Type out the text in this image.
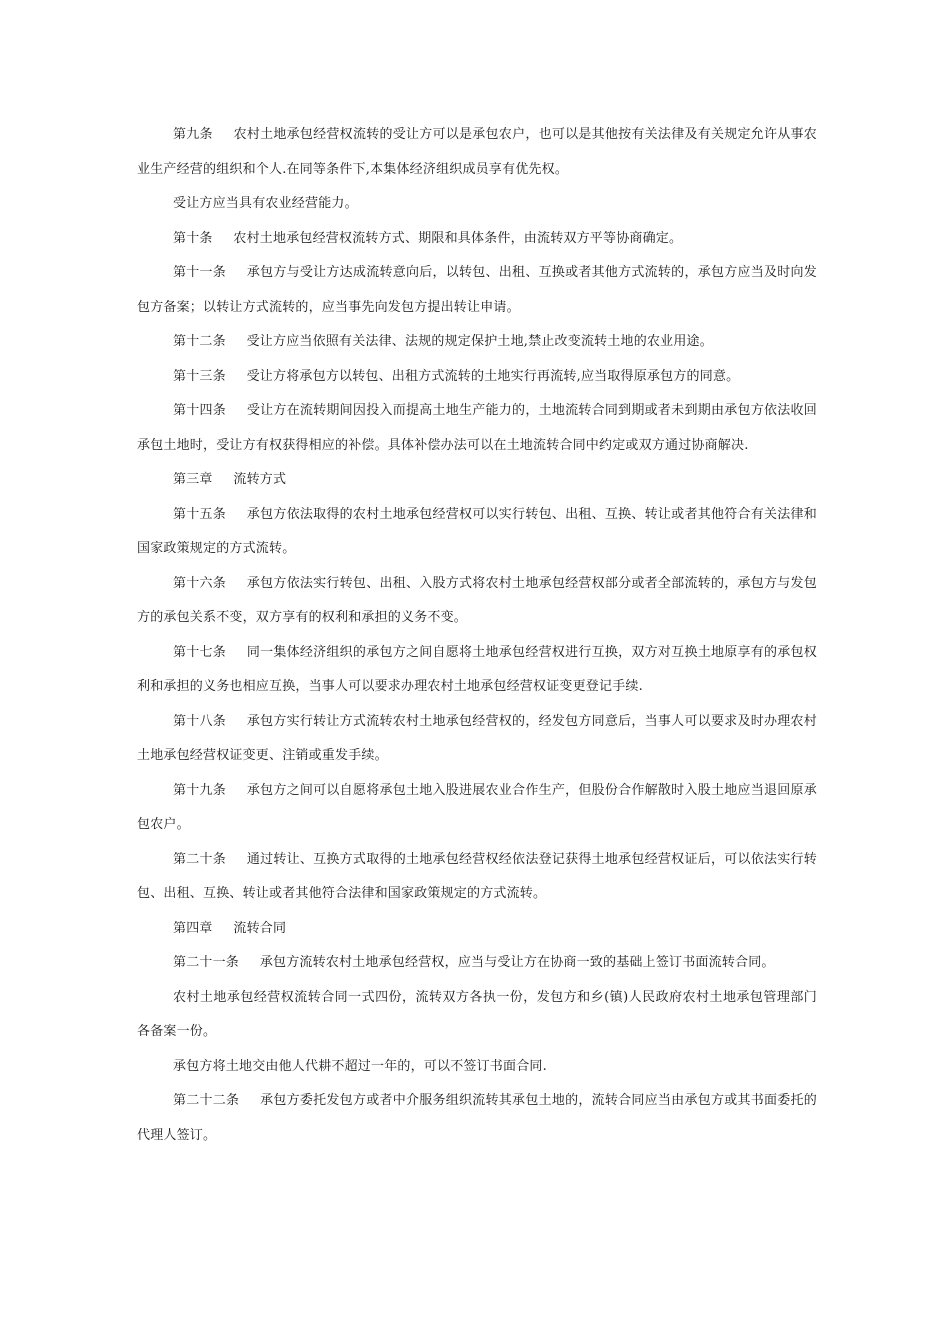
第九条 农村土地承包经营权流转的受让方可以是承包农户，也可以是其他按有关法律及有关规定允许从事农业生产经营的组织和个人.在同等条件下,本集体经济组织成员享有优先权。

受让方应当具有农业经营能力。

第十条 农村土地承包经营权流转方式、期限和具体条件，由流转双方平等协商确定。

第十一条 承包方与受让方达成流转意向后，以转包、出租、互换或者其他方式流转的，承包方应当及时向发包方备案；以转让方式流转的，应当事先向发包方提出转让申请。

第十二条 受让方应当依照有关法律、法规的规定保护土地,禁止改变流转土地的农业用途。

第十三条 受让方将承包方以转包、出租方式流转的土地实行再流转,应当取得原承包方的同意。

第十四条 受让方在流转期间因投入而提高土地生产能力的，土地流转合同到期或者未到期由承包方依法收回承包土地时，受让方有权获得相应的补偿。具体补偿办法可以在土地流转合同中约定或双方通过协商解决.

第三章 流转方式

第十五条 承包方依法取得的农村土地承包经营权可以实行转包、出租、互换、转让或者其他符合有关法律和国家政策规定的方式流转。

第十六条 承包方依法实行转包、出租、入股方式将农村土地承包经营权部分或者全部流转的，承包方与发包方的承包关系不变，双方享有的权利和承担的义务不变。

第十七条 同一集体经济组织的承包方之间自愿将土地承包经营权进行互换，双方对互换土地原享有的承包权利和承担的义务也相应互换，当事人可以要求办理农村土地承包经营权证变更登记手续.

第十八条 承包方实行转让方式流转农村土地承包经营权的，经发包方同意后，当事人可以要求及时办理农村土地承包经营权证变更、注销或重发手续。

第十九条 承包方之间可以自愿将承包土地入股进展农业合作生产，但股份合作解散时入股土地应当退回原承包农户。

第二十条 通过转让、互换方式取得的土地承包经营权经依法登记获得土地承包经营权证后，可以依法实行转包、出租、互换、转让或者其他符合法律和国家政策规定的方式流转。

第四章 流转合同

第二十一条 承包方流转农村土地承包经营权，应当与受让方在协商一致的基础上签订书面流转合同。

农村土地承包经营权流转合同一式四份，流转双方各执一份，发包方和乡(镇)人民政府农村土地承包管理部门各备案一份。

承包方将土地交由他人代耕不超过一年的，可以不签订书面合同.

第二十二条 承包方委托发包方或者中介服务组织流转其承包土地的，流转合同应当由承包方或其书面委托的代理人签订。
